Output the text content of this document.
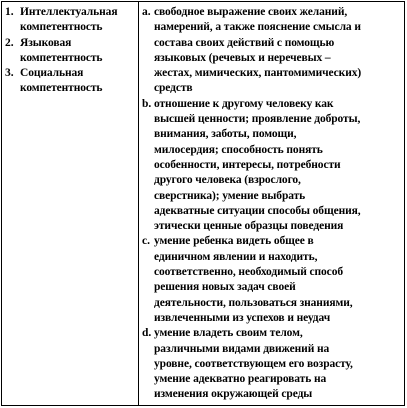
1. Интеллектуальная
компетентность
2. Языковая
компетентность
3. Социальная
компетентность
a. свободное выражение своих желаний,
намерений, а также пояснение смысла и
состава своих действий с помощью
языковых (речевых и неречевых –
жестах, мимических, пантомимических)
средств
b. отношение к другому человеку как
высшей ценности; проявление доброты,
внимания, заботы, помощи,
милосердия; способность понять
особенности, интересы, потребности
другого человека (взрослого,
сверстника); умение выбрать
адекватные ситуации способы общения,
этически ценные образцы поведения
c. умение ребенка видеть общее в
единичном явлении и находить,
соответственно, необходимый способ
решения новых задач своей
деятельности, пользоваться знаниями,
извлеченными из успехов и неудач
d. умение владеть своим телом,
различными видами движений на
уровне, соответствующем его возрасту,
умение адекватно реагировать на
изменения окружающей среды
